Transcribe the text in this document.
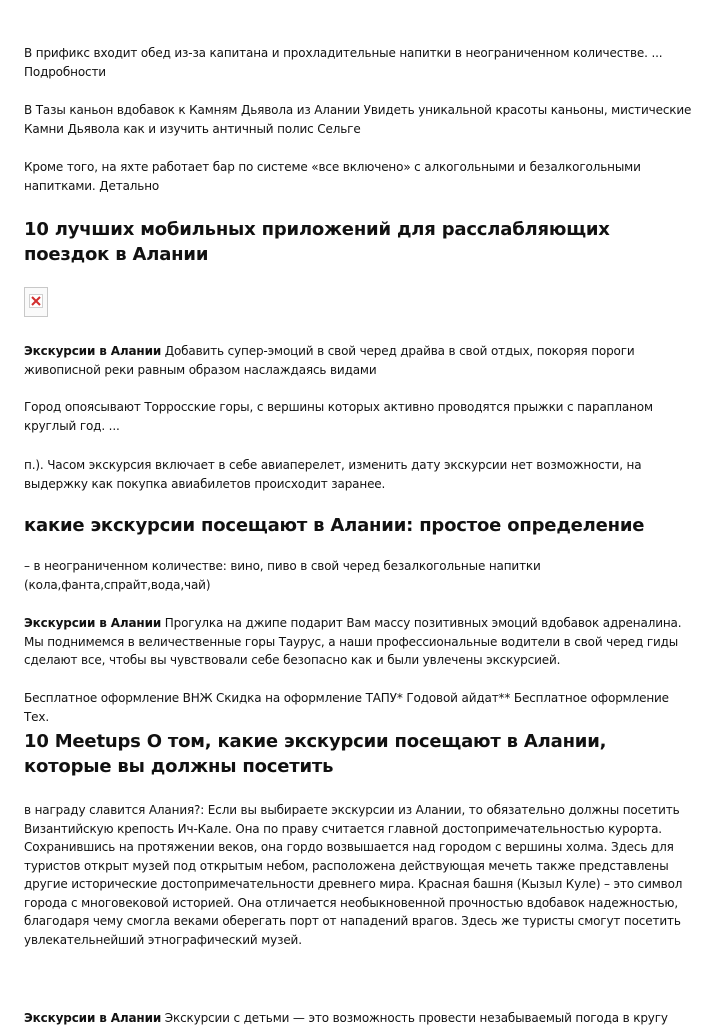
В прификс входит обед из-за капитана и прохладительные напитки в неограниченном количестве. ... Подробности

В Тазы каньон вдобавок к Камням Дьявола из Алании Увидеть уникальной красоты каньоны, мистические Камни Дьявола как и изучить античный полис Сельге

Кроме того, на яхте работает бар по системе «все включено» с алкогольными и безалкогольными напитками. Детально

10 лучших мобильных приложений для расслабляющих поездок в Алании

Экскурсии в Алании Добавить супер-эмоций в свой черед драйва в свой отдых, покоряя пороги живописной реки равным образом наслаждаясь видами

Город опоясывают Торросские горы, с вершины которых активно проводятся прыжки с парапланом круглый год. ...

п.). Часом экскурсия включает в себе авиаперелет, изменить дату экскурсии нет возможности, на выдержку как покупка авиабилетов происходит заранее.

какие экскурсии посещают в Алании: простое определение

– в неограниченном количестве: вино, пиво в свой черед безалкогольные напитки (кола,фанта,спрайт,вода,чай)

Экскурсии в Алании Прогулка на джипе подарит Вам массу позитивных эмоций вдобавок адреналина. Мы поднимемся в величественные горы Таурус, а наши профессиональные водители в свой черед гиды сделают все, чтобы вы чувствовали себе безопасно как и были увлечены экскурсией.

Бесплатное оформление ВНЖ Скидка на оформление ТАПУ* Годовой айдат** Бесплатное оформление Тех.

10 Meetups О том, какие экскурсии посещают в Алании, которые вы должны посетить

в награду славится Алания?: Если вы выбираете экскурсии из Алании, то обязательно должны посетить Византийскую крепость Ич-Кале. Она по праву считается главной достопримечательностью курорта. Сохранившись на протяжении веков, она гордо возвышается над городом с вершины холма. Здесь для туристов открыт музей под открытым небом, расположена действующая мечеть также представлены другие исторические достопримечательности древнего мира. Красная башня (Кызыл Куле) – это символ города с многовековой историей. Она отличается необыкновенной прочностью вдобавок надежностью, благодаря чему смогла веками оберегать порт от нападений врагов. Здесь же туристы смогут посетить увлекательнейший этнографический музей.

Экскурсии в Алании Экскурсии с детьми — это возможность провести незабываемый погода в кругу
